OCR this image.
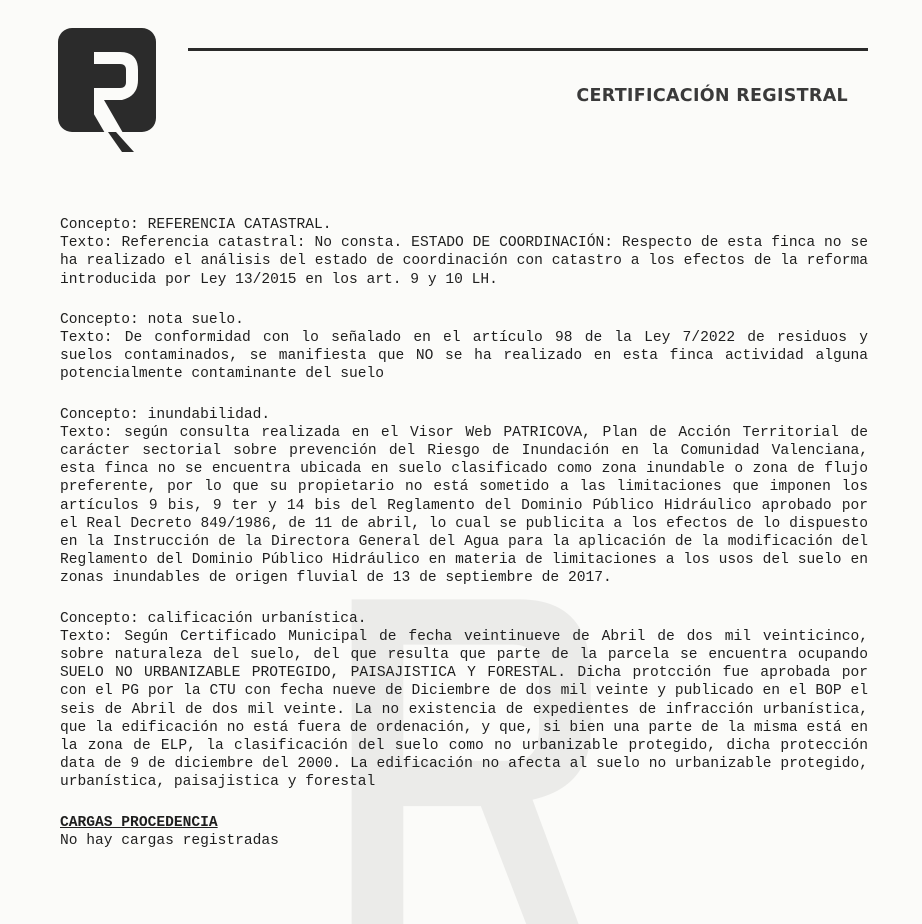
CERTIFICACIÓN REGISTRAL

Concepto: REFERENCIA CATASTRAL.

Texto: Referencia catastral: No consta. ESTADO DE COORDINACIÓN: Respecto de esta finca no se ha realizado el análisis del estado de coordinación con catastro a los efectos de la reforma introducida por Ley 13/2015 en los art. 9 y 10 LH.

Concepto: nota suelo.

Texto: De conformidad con lo señalado en el artículo 98 de la Ley 7/2022 de residuos y suelos contaminados, se manifiesta que NO se ha realizado en esta finca actividad alguna potencialmente contaminante del suelo

Concepto: inundabilidad.

Texto: según consulta realizada en el Visor Web PATRICOVA, Plan de Acción Territorial de carácter sectorial sobre prevención del Riesgo de Inundación en la Comunidad Valenciana, esta finca no se encuentra ubicada en suelo clasificado como zona inundable o zona de flujo preferente, por lo que su propietario no está sometido a las limitaciones que imponen los artículos 9 bis, 9 ter y 14 bis del Reglamento del Dominio Público Hidráulico aprobado por el Real Decreto 849/1986, de 11 de abril, lo cual se publicita a los efectos de lo dispuesto en la Instrucción de la Directora General del Agua para la aplicación de la modificación del Reglamento del Dominio Público Hidráulico en materia de limitaciones a los usos del suelo en zonas inundables de origen fluvial de 13 de septiembre de 2017.

Concepto: calificación urbanística.

Texto: Según Certificado Municipal de fecha veintinueve de Abril de dos mil veinticinco, sobre naturaleza del suelo, del que resulta que parte de la parcela se encuentra ocupando SUELO NO URBANIZABLE PROTEGIDO, PAISAJISTICA Y FORESTAL. Dicha protcción fue aprobada por con el PG por la CTU con fecha nueve de Diciembre de dos mil veinte y publicado en el BOP el seis de Abril de dos mil veinte. La no existencia de expedientes de infracción urbanística, que la edificación no está fuera de ordenación, y que, si bien una parte de la misma está en la zona de ELP, la clasificación del suelo como no urbanizable protegido, dicha protección data de 9 de diciembre del 2000. La edificación no afecta al suelo no urbanizable protegido, urbanística, paisajistica y forestal

CARGAS PROCEDENCIA

No hay cargas registradas
